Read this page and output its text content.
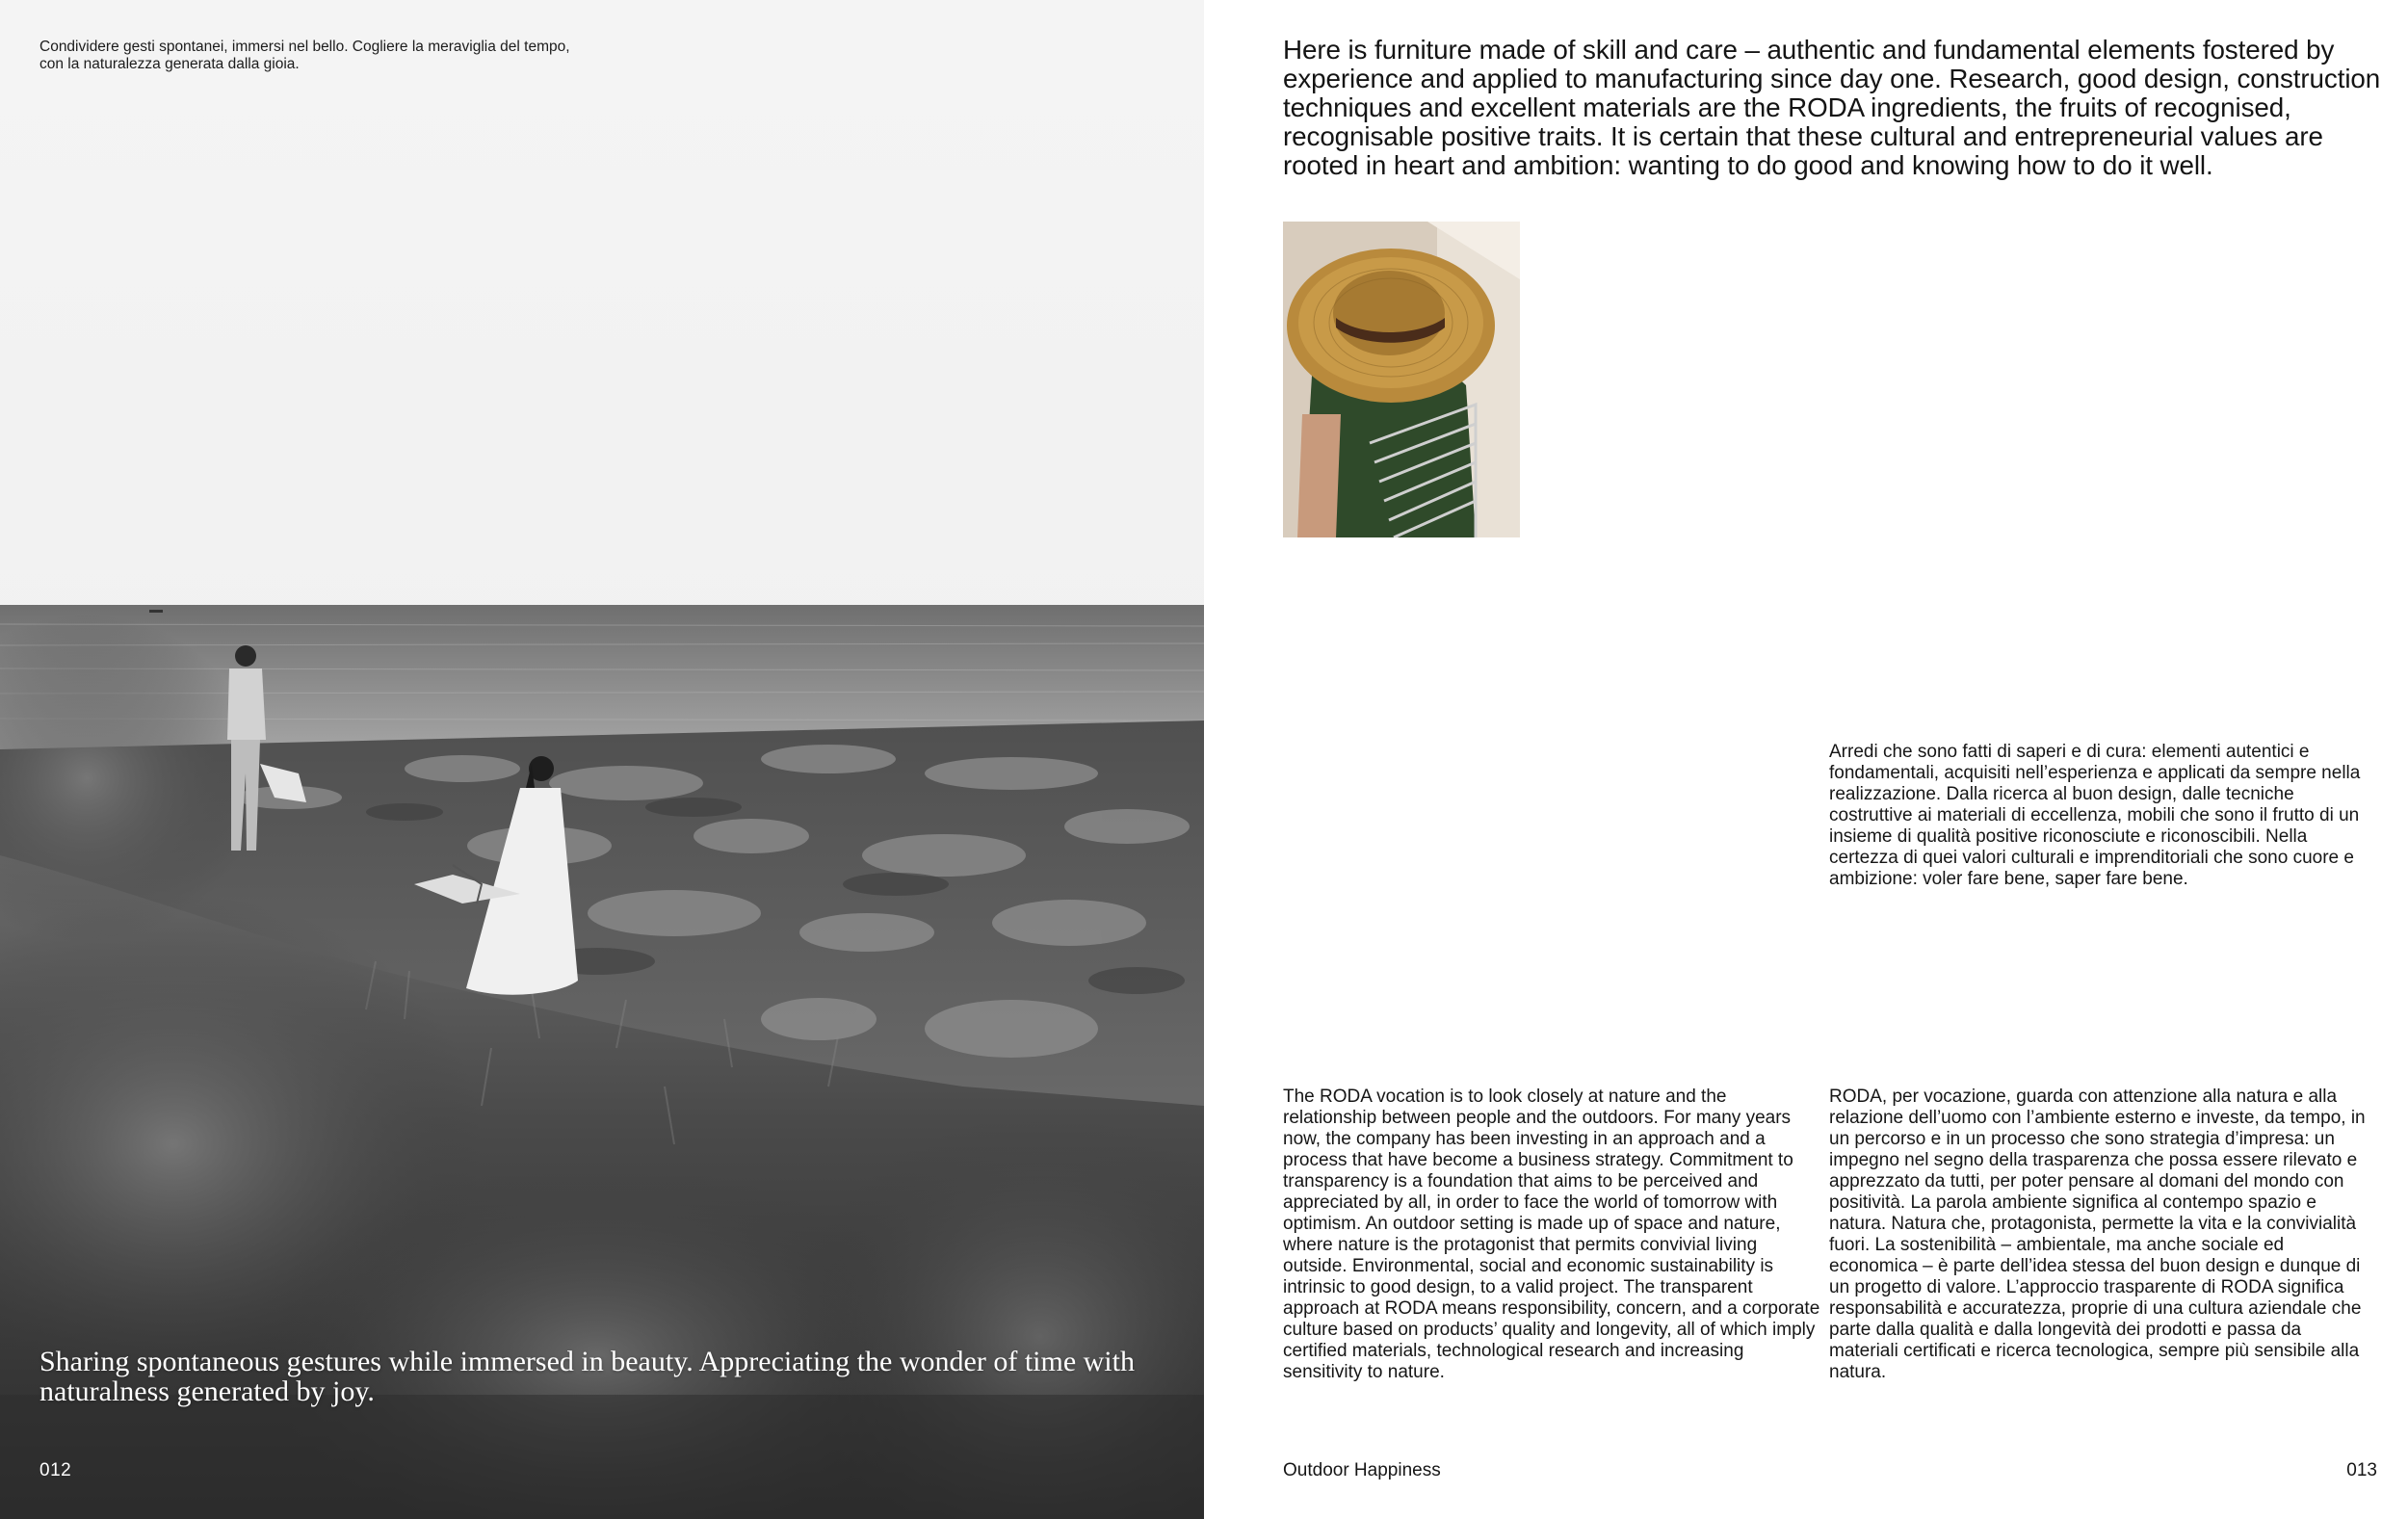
Condividere gesti spontanei, immersi nel bello. Cogliere la meraviglia del tempo, con la naturalezza generata dalla gioia.
Sharing spontaneous gestures while immersed in beauty. Appreciating the wonder of time with naturalness generated by joy.
012
Here is furniture made of skill and care – authentic and fundamental elements fostered by experience and applied to manufacturing since day one. Research, good design, construction techniques and excellent materials are the RODA ingredients, the fruits of recognised, recognisable positive traits. It is certain that these cultural and entrepreneurial values are rooted in heart and ambition: wanting to do good and knowing how to do it well.
Arredi che sono fatti di saperi e di cura: elementi autentici e fondamentali, acquisiti nell’esperienza e applicati da sempre nella realizzazione. Dalla ricerca al buon design, dalle tecniche costruttive ai materiali di eccellenza, mobili che sono il frutto di un insieme di qualità positive riconosciute e riconoscibili. Nella certezza di quei valori culturali e imprenditoriali che sono cuore e ambizione: voler fare bene, saper fare bene.
The RODA vocation is to look closely at nature and the relationship between people and the outdoors. For many years now, the company has been investing in an approach and a process that have become a business strategy. Commitment to transparency is a foundation that aims to be perceived and appreciated by all, in order to face the world of tomorrow with optimism. An outdoor setting is made up of space and nature, where nature is the protagonist that permits convivial living outside. Environmental, social and economic sustainability is intrinsic to good design, to a valid project. The transparent approach at RODA means responsibility, concern, and a corporate culture based on products’ quality and longevity, all of which imply certified materials, technological research and increasing sensitivity to nature.
RODA, per vocazione, guarda con attenzione alla natura e alla relazione dell’uomo con l’ambiente esterno e investe, da tempo, in un percorso e in un processo che sono strategia d’impresa: un impegno nel segno della trasparenza che possa essere rilevato e apprezzato da tutti, per poter pensare al domani del mondo con positività. La parola ambiente significa al contempo spazio e natura. Natura che, protagonista, permette la vita e la convivialità fuori. La sostenibilità – ambientale, ma anche sociale ed economica – è parte dell’idea stessa del buon design e dunque di un progetto di valore. L’approccio trasparente di RODA significa responsabilità e accuratezza, proprie di una cultura aziendale che parte dalla qualità e dalla longevità dei prodotti e passa da materiali certificati e ricerca tecnologica, sempre più sensibile alla natura.
Outdoor Happiness	013
